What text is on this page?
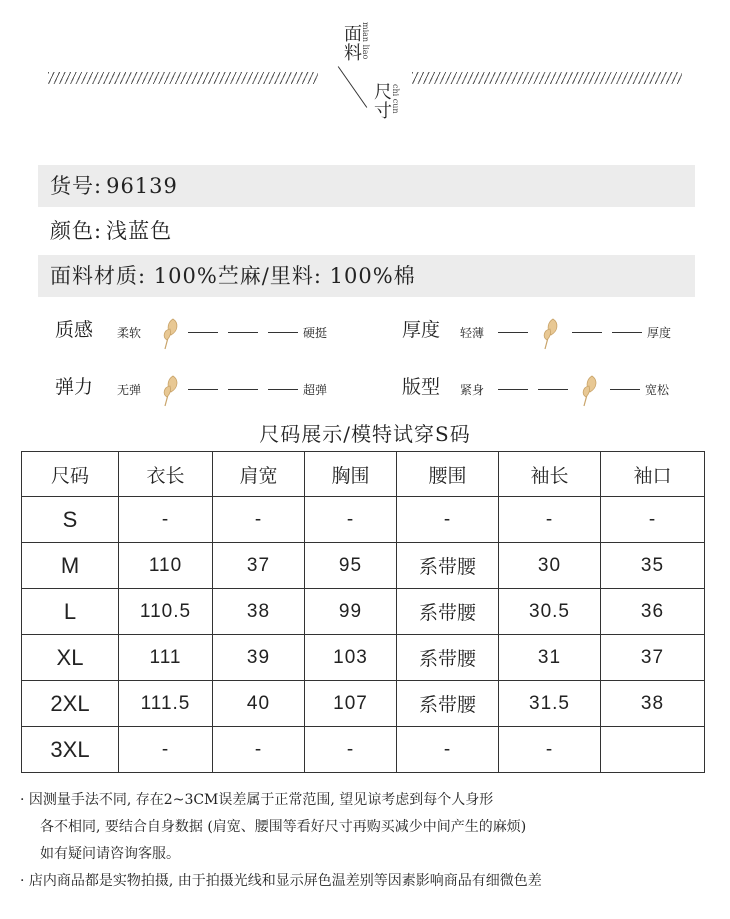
面料 mian liao
尺寸 chi cun
货号: 96139
颜色: 浅蓝色
面料材质: 100%苎麻/里料: 100%棉
质感 柔软	硬挺	厚度 轻薄	厚度
弹力 无弹	超弹	版型 紧身	宽松
尺码展示/模特试穿S码
尺码	衣长	肩宽	胸围	腰围	袖长	袖口
S	-	-	-	-	-	-
M	110	37	95	系带腰	30	35
L	110.5	38	99	系带腰	30.5	36
XL	111	39	103	系带腰	31	37
2XL	111.5	40	107	系带腰	31.5	38
3XL	-	-	-	-	-	
· 因测量手法不同, 存在2~3CM误差属于正常范围, 望见谅考虑到每个人身形
各不相同, 要结合自身数据 (肩宽、腰围等看好尺寸再购买减少中间产生的麻烦)
如有疑问请咨询客服。
· 店内商品都是实物拍摄, 由于拍摄光线和显示屏色温差别等因素影响商品有细微色差
